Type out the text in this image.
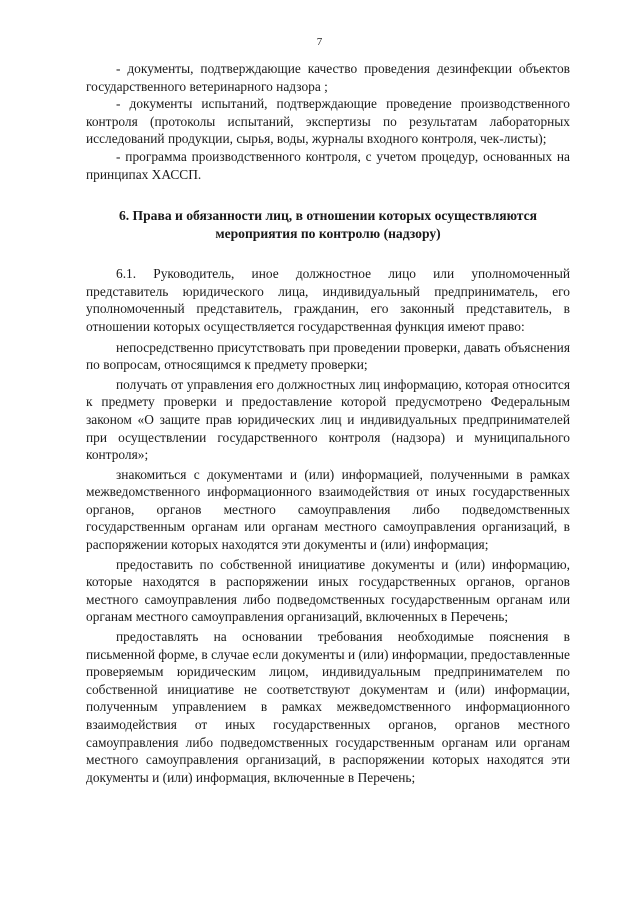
7

- документы, подтверждающие качество проведения дезинфекции объектов государственного ветеринарного надзора ;

- документы испытаний, подтверждающие проведение производственного контроля (протоколы испытаний, экспертизы по результатам лабораторных исследований продукции, сырья, воды, журналы входного контроля, чек-листы);

- программа производственного контроля, с учетом процедур, основанных на принципах ХАССП.

6. Права и обязанности лиц, в отношении которых осуществляются
мероприятия по контролю (надзору)

6.1. Руководитель, иное должностное лицо или уполномоченный представитель юридического лица, индивидуальный предприниматель, его уполномоченный представитель, гражданин, его законный представитель, в отношении которых осуществляется государственная функция имеют право:

непосредственно присутствовать при проведении проверки, давать объяснения по вопросам, относящимся к предмету проверки;

получать от управления его должностных лиц информацию, которая относится к предмету проверки и предоставление которой предусмотрено Федеральным законом «О защите прав юридических лиц и индивидуальных предпринимателей при осуществлении государственного контроля (надзора) и муниципального контроля»;

знакомиться с документами и (или) информацией, полученными в рамках межведомственного информационного взаимодействия от иных государственных органов, органов местного самоуправления либо подведомственных государственным органам или органам местного самоуправления организаций, в распоряжении которых находятся эти документы и (или) информация;

предоставить по собственной инициативе документы и (или) информацию, которые находятся в распоряжении иных государственных органов, органов местного самоуправления либо подведомственных государственным органам или органам местного самоуправления организаций, включенных в Перечень;

предоставлять на основании требования необходимые пояснения в письменной форме, в случае если документы и (или) информации, предоставленные проверяемым юридическим лицом, индивидуальным предпринимателем по собственной инициативе не соответствуют документам и (или) информации, полученным управлением в рамках межведомственного информационного взаимодействия от иных государственных органов, органов местного самоуправления либо подведомственных государственным органам или органам местного самоуправления организаций, в распоряжении которых находятся эти документы и (или) информация, включенные в Перечень;
